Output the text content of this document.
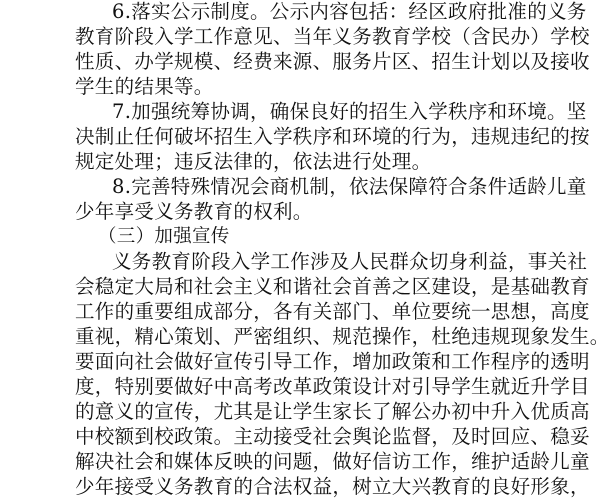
6.落实公示制度。公示内容包括：经区政府批准的义务
教育阶段入学工作意见、当年义务教育学校（含民办）学校
性质、办学规模、经费来源、服务片区、招生计划以及接收
学生的结果等。
7.加强统筹协调，确保良好的招生入学秩序和环境。坚
决制止任何破坏招生入学秩序和环境的行为，违规违纪的按
规定处理；违反法律的，依法进行处理。
8.完善特殊情况会商机制，依法保障符合条件适龄儿童
少年享受义务教育的权利。
（三）加强宣传
义务教育阶段入学工作涉及人民群众切身利益，事关社
会稳定大局和社会主义和谐社会首善之区建设，是基础教育
工作的重要组成部分，各有关部门、单位要统一思想，高度
重视，精心策划、严密组织、规范操作，杜绝违规现象发生。
要面向社会做好宣传引导工作，增加政策和工作程序的透明
度，特别要做好中高考改革政策设计对引导学生就近升学目
的意义的宣传，尤其是让学生家长了解公办初中升入优质高
中校额到校政策。主动接受社会舆论监督，及时回应、稳妥
解决社会和媒体反映的问题，做好信访工作，维护适龄儿童
少年接受义务教育的合法权益，树立大兴教育的良好形象，
